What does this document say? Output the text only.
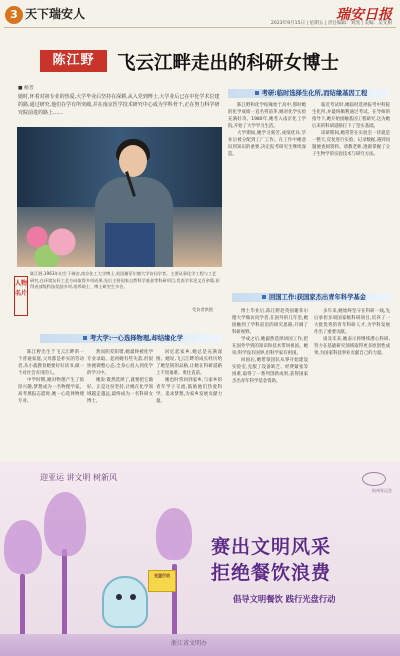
3 天下瑞安人	瑞安日报
2023年9月15日 | 星期五 | 责任编辑：刘凯 | 美编：吴文相
陈江野	飞云江畔走出的科研女博士
■ 杨芳
她时,怀着对祖专业的热爱,大学毕业后坚持在深耕,从入党到博士,大学业后已在中化学术位建的路,通过研究,他们在学有所突破,并在南京医学技术研究中心成为学科骨干,正在努力科学研究院前进的路上……
人物名片
陈江野,1963年出生于瑞安,南京化工大学博士,英国谢菲尔德大学访问学者。主要从事化学工程与工艺研究,在环境友好工艺方向取得多项成果,先后主持国家自然科学基金等科研项目,发表学术论文百余篇,获得省部级科技奖励多项,培养硕士、博士研究生多名。
受访者供图
考研:临时选择生化所,而结缘基因工程

陈江野和化学结缘始于高中,那时她的化学成绩一直名列前茅,她对化学实验充满好奇。1980年,她考入南京化工学院,开始了大学学习生活。

大学期间,她学习刻苦,成绩优异,毕业后被分配到工厂工作。在工作中她意识到知识的重要,决定报考研究生继续深造。

临近考试时,她临时选择报考中科院生化所,并最终顺利通过考试。在导师的指导下,她开始接触基因工程研究,这为她后来的科研道路打下了坚实基础。

读研期间,她常常在实验室一待就是一整天,反复进行实验、记录数据,遇到问题便查阅资料、请教老师,逐渐掌握了分子生物学的实验技术与研究方法。

回国工作:获国家杰出青年科学基金

博士毕业后,陈江野赴英国谢菲尔德大学做访问学者,在国外的几年里,她接触到了学科前沿的研究思路,开阔了科研视野。

学成之后,她毅然选择回国工作,把在国外学到的知识和技术带回祖国。她说:科学没有国界,但科学家有祖国。

回国后,她带领团队从零开始建设实验室,克服了设备缺乏、经费紧张等困难,取得了一系列创新成果,获得国家杰出青年科学基金资助。

多年来,她始终坚守在科研一线,先后承担多项国家级科研项目,培养了一大批优秀的青年科研人才,为学科发展作出了重要贡献。

谈及未来,她表示将继续潜心科研,努力在基础研究领域取得更多原创性成果,为国家科技事业贡献自己的力量。

考大学:一心选择物理,却结缘化学

陈江野出生于飞云江畔的一个普通家庭,父母都是朴实的劳动者,从小就教育她要好好读书,做一个对社会有用的人。

中学时期,她对物理产生了浓厚兴趣,梦想成为一名物理学家。高考填报志愿时,她一心选择物理专业。

然而阴差阳错,她最终被化学专业录取。起初她有些失落,但很快便调整心态,全身心投入到化学的学习中。

她说:既然选择了,就要把它做好。正是这份坚持,让她在化学领域越走越远,最终成为一名科研女博士。

回忆起家乡,她总是充满深情。她说,飞云江畔的成长经历给了她坚韧的品格,让她在科研道路上不畏艰难、勇往直前。

她也时常回到家乡,与家乡的青年学子交流,鼓励他们热爱科学、追求梦想,为家乡发展贡献力量。

迎亚运 讲文明 树新风
杭州亚运会
光盘行动
赛出文明风采
拒绝餐饮浪费
倡导文明餐饮 践行光盘行动
浙江省文明办
